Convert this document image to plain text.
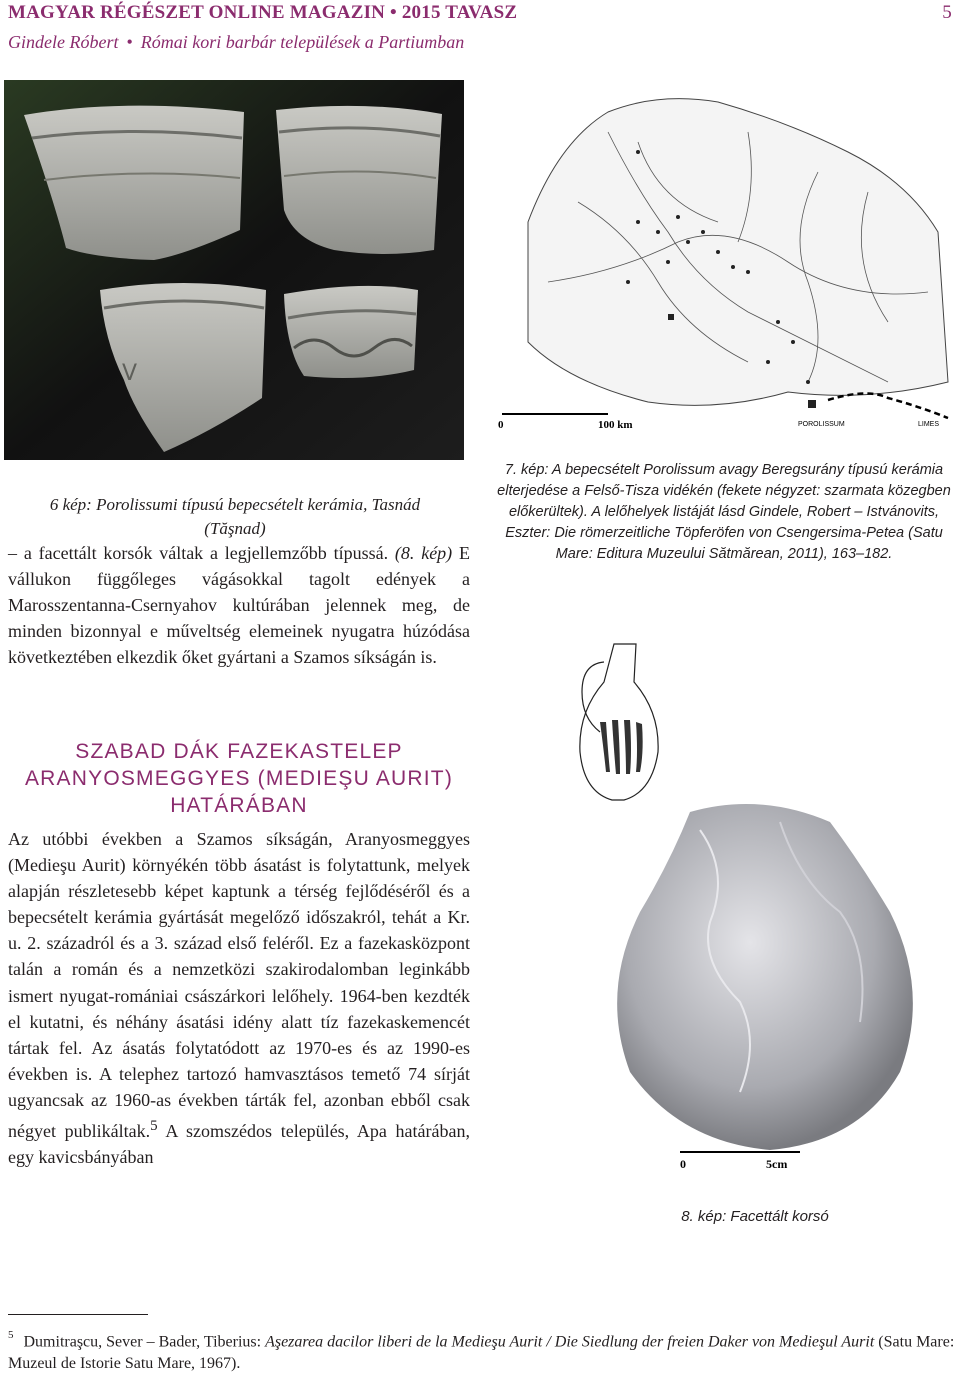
MAGYAR RÉGÉSZET ONLINE MAGAZIN • 2015 TAVASZ	5
Gindele Róbert • Római kori barbár települések a Partiumban
V
0	100 km	POROLISSUM	LIMES
6 kép: Porolissumi típusú bepecsételt kerámia, Tasnád (Tăşnad)
7. kép: A bepecsételt Porolissum avagy Beregsurány típusú kerámia elterjedése a Felső-Tisza vidékén (fekete négyzet: szarmata közegben előkerültek). A lelőhelyek listáját lásd Gindele, Robert – Istvánovits, Eszter: Die römerzeitliche Töpferöfen von Csengersima-Petea (Satu Mare: Editura Muzeului Sătmărean, 2011), 163–182.
– a facettált korsók váltak a legjellemzőbb típussá. (8. kép) E vállukon függőleges vágásokkal tagolt edények a Marosszentanna-Csernyahov kultúrában jelennek meg, de minden bizonnyal e műveltség elemeinek nyugatra húzódása következtében elkezdik őket gyártani a Szamos síkságán is.
SZABAD DÁK FAZEKASTELEP
ARANYOSMEGGYES (MEDIEŞU AURIT)
HATÁRÁBAN
Az utóbbi években a Szamos síkságán, Aranyosmeggyes (Medieşu Aurit) környékén több ásatást is folytattunk, melyek alapján részletesebb képet kaptunk a térség fejlődéséről és a bepecsételt kerámia gyártását megelőző időszakról, tehát a Kr. u. 2. századról és a 3. század első feléről. Ez a fazekasközpont talán a román és a nemzetközi szakirodalomban leginkább ismert nyugat-romániai császárkori lelőhely. 1964-ben kezdték el kutatni, és néhány ásatási idény alatt tíz fazekaskemencét tártak fel. Az ásatás folytatódott az 1970-es és az 1990-es években is. A telephez tartozó hamvasztásos temető 74 sírját ugyancsak az 1960-as években tárták fel, azonban ebből csak négyet publikáltak.$^5$ A szomszédos település, Apa határában, egy kavicsbányában	0	5cm
8. kép: Facettált korsó
$^5$ Dumitraşcu, Sever – Bader, Tiberius: Aşezarea dacilor liberi de la Medieşu Aurit / Die Siedlung der freien Daker von Medieşul Aurit (Satu Mare: Muzeul de Istorie Satu Mare, 1967).
